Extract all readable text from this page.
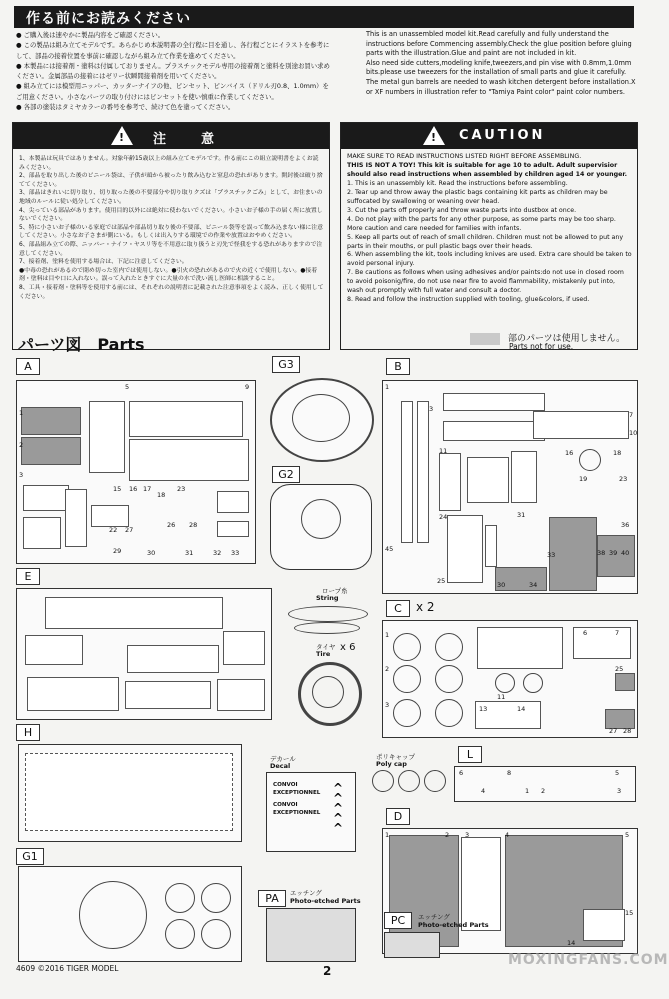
作る前にお読みください
● ご購入後は速やかに製品内容をご確認ください。
● この製品は組み立てモデルです。あらかじめ本説明書の全行程に目を通し、各行程ごとにイラストを参考にして、部品の接着位置を事前に確認しながら組み立て作業を進めてください。
● 本製品には接着剤・塗料は付属しておりません。プラスチックモデル専用の接着剤と塗料を別途お買い求めください。金属部品の接着にはゼリー状瞬間接着剤を用いてください。
● 組み立てには模型用ニッパー、カッターナイフの他、ピンセット、ピンバイス（ドリル刃0.8、1.0mm）をご用意ください。小さなパーツの取り付けにはピンセットを使い慎重に作業してください。
● 各部の塗装はタミヤカラーの番号を参考で、続けて色を塗ってください。
This is an unassembled model kit.Read carefully and fully understand the instructions before Commencing assembly.Check the glue position before gluing parts with the illustration.Glue and paint are not included in kit.
Also need side cutters,modeling knife,tweezers,and pin vise with 0.8mm,1.0mm bits.please use tweezers for the installation of small parts and glue it carefully.
The metal gun barrels are needed to wash kitchen detergent before installation.X or XF numbers in illustration refer to "Tamiya Paint color" paint color numbers.
! 注　　意
1、本製品は玩具ではありません。対象年齢15歳以上の組み立てモデルです。作る前にこの組立説明書をよくお読みください。
2、部品を取り出した後のビニール袋は、子供が頭から被ったり飲み込むと窒息の恐れがあります。開封後は破り捨ててください。
3、部品はきれいに切り取り、切り取った後の不要部分や切り取りクズは「プラスチックごみ」として、お住まいの地域のルールに従い処分してください。
4、尖っている部品があります。使用目的以外には絶対に使わないでください。小さいお子様の手の届く所に放置しないでください。
5、特に小さいお子様のいる家庭では部品や部品切り取り後の不要部、ビニール袋等を誤って飲み込まない様に注意してください。小さなお子さまが側にいる。もしくは出入りする環境での作業や放置はおやめください。
6、部品組み立ての際、ニッパー・ナイフ・ヤスリ等を不用意に取り扱うと刃先で怪我をする恐れがありますので注意してください。
7、接着剤、塗料を使用する場合は、下記に注意してください。
●中毒の恐れがあるので閉め切った室内では使用しない。●引火の恐れがあるので火の近くで使用しない。●接着剤・塗料は目や口に入れない。誤って入れたときすぐに大量の水で洗い流し医師に相談すること。
8、工具・接着剤・塗料等を使用する前には、それぞれの説明書に記載された注意事項をよく読み、正しく使用してください。
! CAUTION
MAKE SURE TO READ INSTRUCTIONS LISTED RIGHT BEFORE ASSEMBLING.
THIS IS NOT A TOY! This kit is suitable for age 10 to adult. Adult supervisior should also read instructions when assembled by children aged 14 or younger.
1. This is an unassembly kit. Read the instructions before assembling.
2. Tear up and throw away the plastic bags containing kit parts as children may be suffocated by swallowing or weaning over head.
3. Cut the parts off properly and throw waste parts into dustbox at once.
4. Do not play with the parts for any other purpose, as some parts may be too sharp. More caution and care needed for families with infants.
5. Keep all parts out of reach of small children. Children must not be allowed to put any parts in their mouths, or pull plastic bags over their heads.
6. When assembling the kit, tools including knives are used. Extra care should be taken to avoid personal injury.
7. Be cautions as follows when using adhesives and/or paints:do not use in closed room to avoid poisonig/fire, do not use near fire to avoid flammability, mistakenly put into, wash out promptly with full water and consult a doctor.
8. Read and follow the instruction supplied with tooling, glue&colors, if used.
パーツ図　Parts	部のパーツは使用しません。
Parts not for use.
A
5	9
1
2
3
15 16 17
18
23
22 27
26 28
29	30	31	32 33
G3
G2
B
1
3
7
10
11	16	18
19	23
24	31
36
33	38 39 40
45
25	30	34
E
ロープ糸
String
タイヤ
Tire
x 6
C	x 2
1
2
3
6	7
11
13	14
25
27 28
H
デカール
Decal
CONVOI EXCEPTIONNEL
CONVOI EXCEPTIONNEL
^
^
^
^
^
ポリキャップ
Poly cap
L
6	8	5
4	1 2	3
D
1	2 3	4	5
15
14
G1
PA	エッチング
Photo-etched Parts
PC	エッチング
Photo-etched Parts
4609 ©2016 TIGER MODEL	2
MOXINGFANS.COM
